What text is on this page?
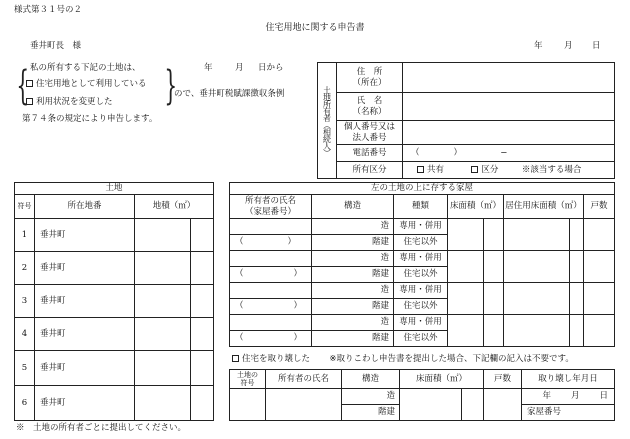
様式第３１号の２
住宅用地に関する申告書
垂井町長　様	年	月 日
私の所有する下記の土地は、	年	月 日から
{ 住宅用地として利用している
利用状況を変更した }
ので、垂井町税賦課徴収条例
第７４条の規定により申告します。	土地所有者（相続人）	住　所
（所在）	

	氏　名
（名称）	

	個人番号又は
法人番号	

	電話番号	（　　　　）　　　　　−
	所有区分	共有 区分 ※該当する場合
土地			
符号	所在地番	地積（㎡）	
1	垂井町		
2	垂井町		
3	垂井町		
4	垂井町		
5	垂井町		
6	垂井町		
左の土地の上に存する家屋							

所有者の氏名
（家屋番号）	構造	種類	床面積（㎡）		居住用床面積（㎡）		戸数
	造	専用・併用					
（ ）	階建	住宅以外					
	造	専用・併用					
（ ）	階建	住宅以外					
	造	専用・併用					
（ ）	階建	住宅以外					
	造	専用・併用					
（ ）	階建	住宅以外					
住宅を取り壊した ※取りこわし申告書を提出した場合、下記欄の記入は不要です。
土地の
符号	所有者の氏名	構造	床面積（㎡）		戸数	取り壊し年月日
		造				年 月 日
		階建				家屋番号
※　土地の所有者ごとに提出してください。
